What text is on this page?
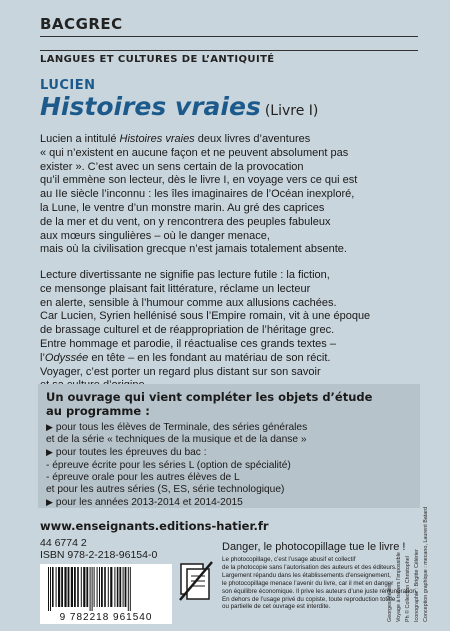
BACGREC
LANGUES ET CULTURES DE L’ANTIQUITÉ
LUCIEN
Histoires vraies (Livre I)
Lucien a intitulé Histoires vraies deux livres d’aventures
« qui n’existent en aucune façon et ne peuvent absolument pas
exister ». C’est avec un sens certain de la provocation
qu’il emmène son lecteur, dès le livre I, en voyage vers ce qui est
au IIe siècle l’inconnu : les îles imaginaires de l’Océan inexploré,
la Lune, le ventre d’un monstre marin. Au gré des caprices
de la mer et du vent, on y rencontrera des peuples fabuleux
aux mœurs singulières – où le danger menace,
mais où la civilisation grecque n’est jamais totalement absente.
Lecture divertissante ne signifie pas lecture futile : la fiction,
ce mensonge plaisant fait littérature, réclame un lecteur
en alerte, sensible à l’humour comme aux allusions cachées.
Car Lucien, Syrien hellénisé sous l’Empire romain, vit à une époque
de brassage culturel et de réappropriation de l’héritage grec.
Entre hommage et parodie, il réactualise ces grands textes –
l’Odyssée en tête – en les fondant au matériau de son récit.
Voyager, c’est porter un regard plus distant sur son savoir
Un ouvrage qui vient compléter les objets d’étude
au programme :
▶ pour tous les élèves de Terminale, des séries générales
et de la série « techniques de la musique et de la danse »
▶ pour toutes les épreuves du bac :
- épreuve écrite pour les séries L (option de spécialité)
- épreuve orale pour les autres élèves de L
et pour les autres séries (S, ES, série technologique)
▶ pour les années 2013-2014 et 2014-2015
www.enseignants.editions-hatier.fr
44 6774 2
ISBN 978-2-218-96154-0
9 782218 961540
Danger, le photocopillage tue le livre !
Le photocopillage, c’est l’usage abusif et collectif
de la photocopie sans l’autorisation des auteurs et des éditeurs.
Largement répandu dans les établissements d’enseignement,
le photocopillage menace l’avenir du livre, car il met en danger
son équilibre économique. Il prive les auteurs d’une juste rémunération.
En dehors de l’usage privé du copiste, toute reproduction totale
ou partielle de cet ouvrage est interdite.	Georges Méliès, Voyage à travers l’impossible Ph © Collection Christophel Iconographie : Brigitte Célérier Conception graphique : mecano, Laurent Batard
